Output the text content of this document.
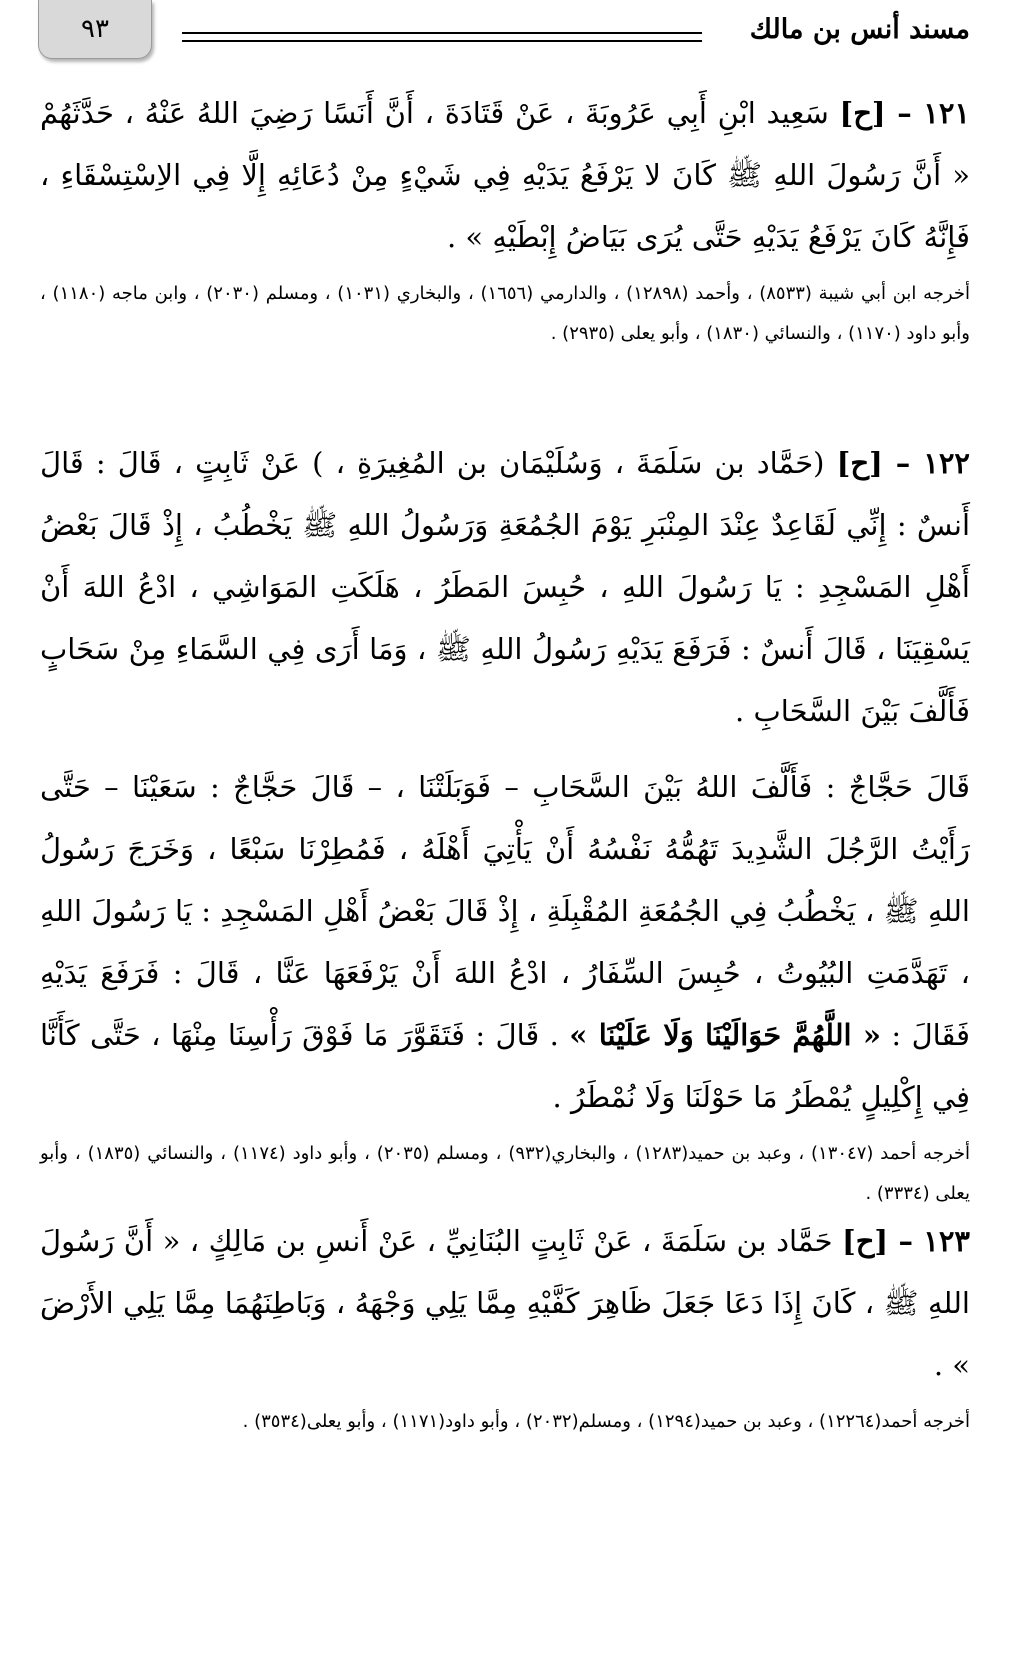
٩٣	مسند أنس بن مالك

١٢١ – [ح] سَعِيد ابْنِ أَبِي عَرُوبَةَ ، عَنْ قَتَادَةَ ، أَنَّ أَنَسًا رَضِيَ اللهُ عَنْهُ ، حَدَّثَهُمْ « أَنَّ رَسُولَ اللهِ ﷺ كَانَ لا يَرْفَعُ يَدَيْهِ فِي شَيْءٍ مِنْ دُعَائِهِ إِلَّا فِي الاِسْتِسْقَاءِ ، فَإِنَّهُ كَانَ يَرْفَعُ يَدَيْهِ حَتَّى يُرَى بَيَاضُ إِبْطَيْهِ » .

أخرجه ابن أبي شيبة (٨٥٣٣) ، وأحمد (١٢٨٩٨) ، والدارمي (١٦٥٦) ، والبخاري (١٠٣١) ، ومسلم (٢٠٣٠) ، وابن ماجه (١١٨٠) ، وأبو داود (١١٧٠) ، والنسائي (١٨٣٠) ، وأبو يعلى (٢٩٣٥) .

١٢٢ – [ح] (حَمَّاد بن سَلَمَةَ ، وَسُلَيْمَان بن المُغِيرَةِ ، ) عَنْ ثَابِتٍ ، قَالَ : قَالَ أَنسٌ : إِنِّي لَقَاعِدٌ عِنْدَ المِنْبَرِ يَوْمَ الجُمُعَةِ وَرَسُولُ اللهِ ﷺ يَخْطُبُ ، إِذْ قَالَ بَعْضُ أَهْلِ المَسْجِدِ : يَا رَسُولَ اللهِ ، حُبِسَ المَطَرُ ، هَلَكَتِ المَوَاشِي ، ادْعُ اللهَ أَنْ يَسْقِيَنَا ، قَالَ أَنسٌ : فَرَفَعَ يَدَيْهِ رَسُولُ اللهِ ﷺ ، وَمَا أَرَى فِي السَّمَاءِ مِنْ سَحَابٍ فَأَلَّفَ بَيْنَ السَّحَابِ .

قَالَ حَجَّاجٌ : فَأَلَّفَ اللهُ بَيْنَ السَّحَابِ – فَوَبَلَتْنَا ، – قَالَ حَجَّاجٌ : سَعَيْنَا – حَتَّى رَأَيْتُ الرَّجُلَ الشَّدِيدَ تَهُمُّهُ نَفْسُهُ أَنْ يَأْتِيَ أَهْلَهُ ، فَمُطِرْنَا سَبْعًا ، وَخَرَجَ رَسُولُ اللهِ ﷺ ، يَخْطُبُ فِي الجُمُعَةِ المُقْبِلَةِ ، إِذْ قَالَ بَعْضُ أَهْلِ المَسْجِدِ : يَا رَسُولَ اللهِ ، تَهَدَّمَتِ البُيُوتُ ، حُبِسَ السِّفَارُ ، ادْعُ اللهَ أَنْ يَرْفَعَهَا عَنَّا ، قَالَ : فَرَفَعَ يَدَيْهِ فَقَالَ : « اللَّهُمَّ حَوَالَيْنَا وَلَا عَلَيْنَا » . قَالَ : فَتَقَوَّرَ مَا فَوْقَ رَأْسِنَا مِنْهَا ، حَتَّى كَأَنَّا فِي إِكْلِيلٍ يُمْطَرُ مَا حَوْلَنَا وَلَا نُمْطَرُ .

أخرجه أحمد (١٣٠٤٧) ، وعبد بن حميد(١٢٨٣) ، والبخاري(٩٣٢) ، ومسلم (٢٠٣٥) ، وأبو داود (١١٧٤) ، والنسائي (١٨٣٥) ، وأبو يعلى (٣٣٣٤) .

١٢٣ – [ح] حَمَّاد بن سَلَمَةَ ، عَنْ ثَابِتٍ البُنَانِيِّ ، عَنْ أَنسِ بن مَالِكٍ ، « أَنَّ رَسُولَ اللهِ ﷺ ، كَانَ إِذَا دَعَا جَعَلَ ظَاهِرَ كَفَّيْهِ مِمَّا يَلِي وَجْهَهُ ، وَبَاطِنَهُمَا مِمَّا يَلِي الأَرْضَ » .

أخرجه أحمد(١٢٢٦٤) ، وعبد بن حميد(١٢٩٤) ، ومسلم(٢٠٣٢) ، وأبو داود(١١٧١) ، وأبو يعلى(٣٥٣٤) .
